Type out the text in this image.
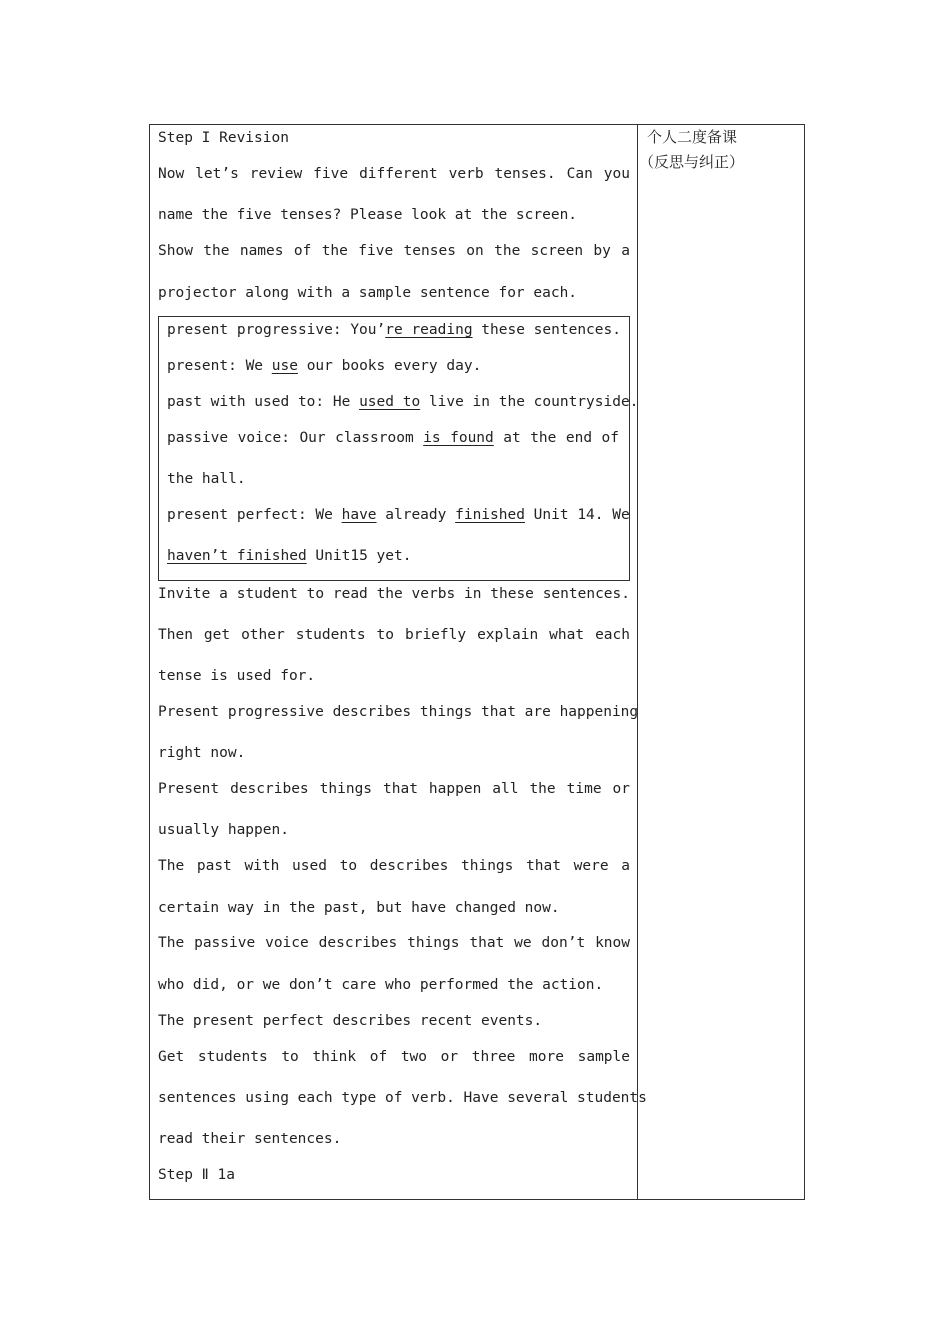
Step I Revision
Now let’s review five different verb tenses. Can you
name the five tenses? Please look at the screen.
Show the names of the five tenses on the screen by a
projector along with a sample sentence for each.
present progressive: You’re reading these sentences.
present: We use our books every day.
past with used to: He used to live in the countryside.
passive voice: Our classroom is found at the end of
the hall.
present perfect: We have already finished Unit 14. We
haven’t finished Unit15 yet.
Invite a student to read the verbs in these sentences.
Then get other students to briefly explain what each
tense is used for.
Present progressive describes things that are happening
right now.
Present describes things that happen all the time or
usually happen.
The past with used to describes things that were a
certain way in the past, but have changed now.
The passive voice describes things that we don’t know
who did, or we don’t care who performed the action.
The present perfect describes recent events.
Get students to think of two or three more sample
sentences using each type of verb. Have several students
read their sentences.
Step Ⅱ 1a
个人二度备课
（反思与纠正）
